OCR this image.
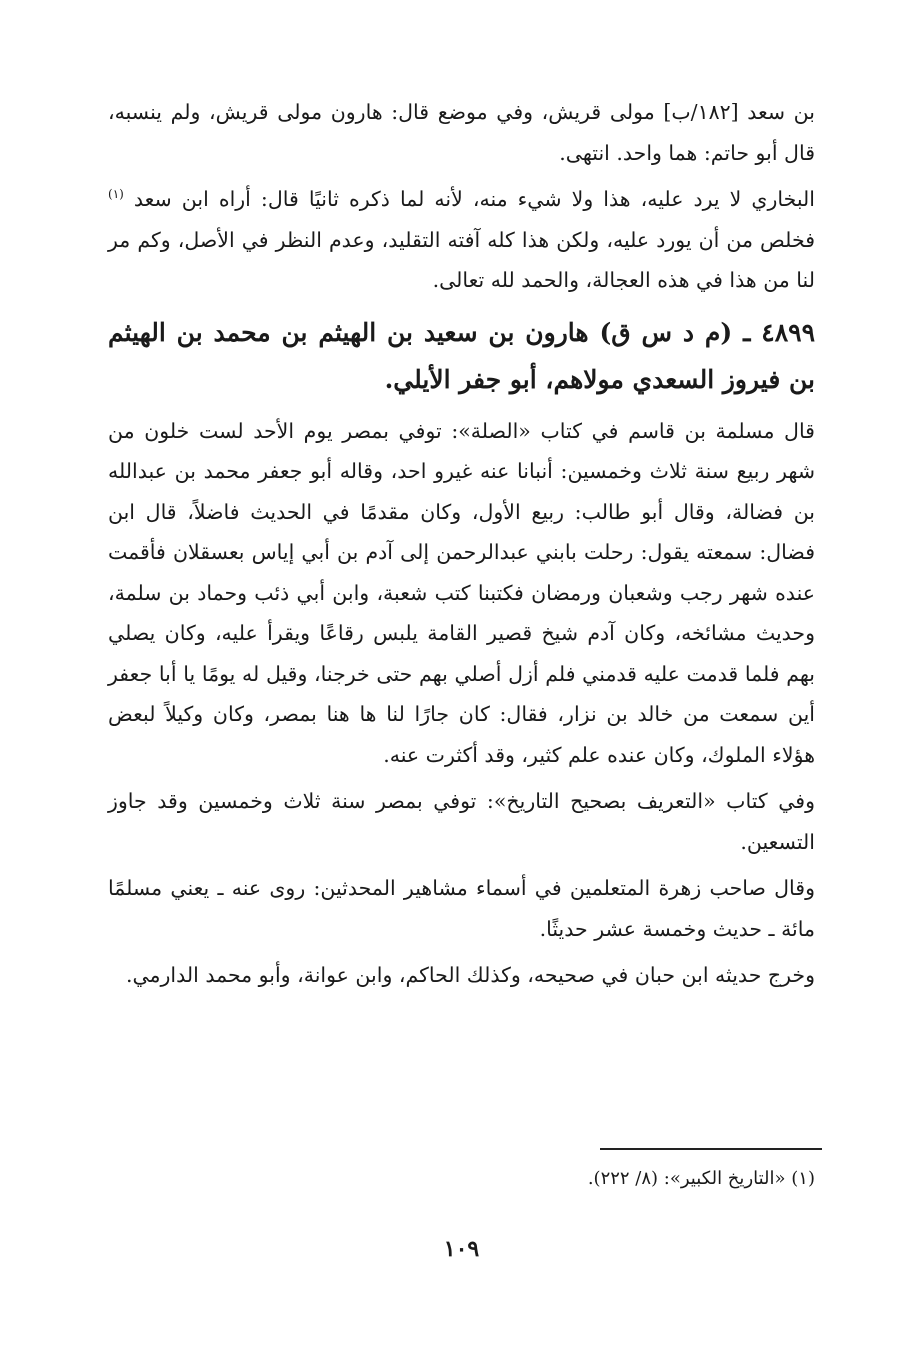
بن سعد [١٨٢/ب] مولى قريش، وفي موضع قال: هارون مولى قريش، ولم ينسبه، قال أبو حاتم: هما واحد. انتهى.

البخاري لا يرد عليه، هذا ولا شيء منه، لأنه لما ذكره ثانيًا قال: أراه ابن سعد $^{(١)}$ فخلص من أن يورد عليه، ولكن هذا كله آفته التقليد، وعدم النظر في الأصل، وكم مر لنا من هذا في هذه العجالة، والحمد لله تعالى.

٤٨٩٩ ـ (م د س ق) هارون بن سعيد بن الهيثم بن محمد بن الهيثم بن فيروز السعدي مولاهم، أبو جفر الأيلي.

قال مسلمة بن قاسم في كتاب «الصلة»: توفي بمصر يوم الأحد لست خلون من شهر ربيع سنة ثلاث وخمسين: أنبانا عنه غيرو احد، وقاله أبو جعفر محمد بن عبدالله بن فضالة، وقال أبو طالب: ربيع الأول، وكان مقدمًا في الحديث فاضلاً، قال ابن فضال: سمعته يقول: رحلت بابني عبدالرحمن إلى آدم بن أبي إياس بعسقلان فأقمت عنده شهر رجب وشعبان ورمضان فكتبنا كتب شعبة، وابن أبي ذئب وحماد بن سلمة، وحديث مشائخه، وكان آدم شيخ قصير القامة يلبس رقاعًا ويقرأ عليه، وكان يصلي بهم فلما قدمت عليه قدمني فلم أزل أصلي بهم حتى خرجنا، وقيل له يومًا يا أبا جعفر أين سمعت من خالد بن نزار، فقال: كان جارًا لنا ها هنا بمصر، وكان وكيلاً لبعض هؤلاء الملوك، وكان عنده علم كثير، وقد أكثرت عنه.

وفي كتاب «التعريف بصحيح التاريخ»: توفي بمصر سنة ثلاث وخمسين وقد جاوز التسعين.

وقال صاحب زهرة المتعلمين في أسماء مشاهير المحدثين: روى عنه ـ يعني مسلمًا مائة ـ حديث وخمسة عشر حديثًا.

وخرج حديثه ابن حبان في صحيحه، وكذلك الحاكم، وابن عوانة، وأبو محمد الدارمي.

(١) «التاريخ الكبير»: (٨/ ٢٢٢).
١٠٩
